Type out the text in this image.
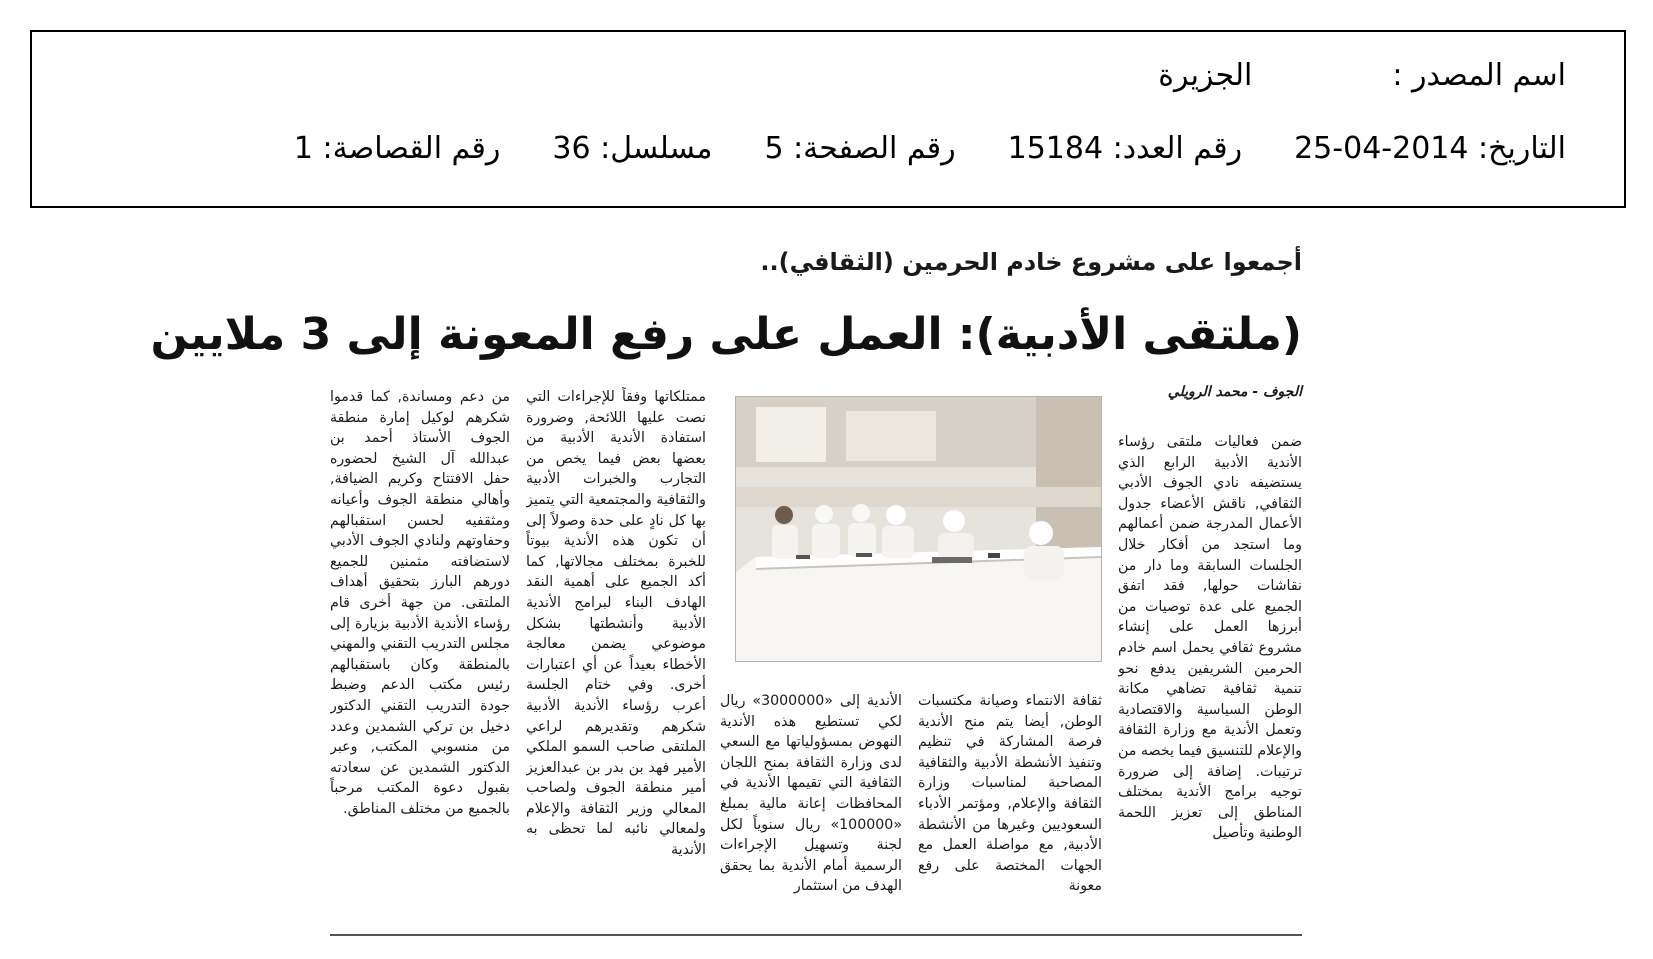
اسم المصدر :الجزيرة
التاريخ: 2014-04-25رقم العدد: 15184رقم الصفحة: 5مسلسل: 36رقم القصاصة: 1
أجمعوا على مشروع خادم الحرمين (الثقافي)..
(ملتقى الأدبية): العمل على رفع المعونة إلى 3 ملايين
الجوف - محمد الرويلي
ضمن فعاليات ملتقى رؤساء الأندية الأدبية الرابع الذي يستضيفه نادي الجوف الأدبي الثقافي, ناقش الأعضاء جدول الأعمال المدرجة ضمن أعمالهم وما استجد من أفكار خلال الجلسات السابقة وما دار من نقاشات حولها, فقد اتفق الجميع على عدة توصيات من أبرزها العمل على إنشاء مشروع ثقافي يحمل اسم خادم الحرمين الشريفين يدفع نحو تنمية ثقافية تضاهي مكانة الوطن السياسية والاقتصادية وتعمل الأندية مع وزارة الثقافة والإعلام للتنسيق فيما يخصه من ترتيبات. إضافة إلى ضرورة توجيه برامج الأندية بمختلف المناطق إلى تعزيز اللحمة الوطنية وتأصيل
ثقافة الانتماء وصيانة مكتسبات الوطن, أيضا يتم منح الأندية فرصة المشاركة في تنظيم وتنفيذ الأنشطة الأدبية والثقافية المصاحبة لمناسبات وزارة الثقافة والإعلام, ومؤتمر الأدباء السعوديين وغيرها من الأنشطة الأدبية, مع مواصلة العمل مع الجهات المختصة على رفع معونة
الأندية إلى «3000000» ريال لكي تستطيع هذه الأندية النهوض بمسؤولياتها مع السعي لدى وزارة الثقافة بمنح اللجان الثقافية التي تقيمها الأندية في المحافظات إعانة مالية بمبلغ «100000» ريال سنوياً لكل لجنة وتسهيل الإجراءات الرسمية أمام الأندية بما يحقق الهدف من استثمار
ممتلكاتها وفقاً للإجراءات التي نصت عليها اللائحة, وضرورة استفادة الأندية الأدبية من بعضها بعض فيما يخص من التجارب والخبرات الأدبية والثقافية والمجتمعية التي يتميز بها كل نادٍ على حدة وصولاً إلى أن تكون هذه الأندية بيوتاً للخبرة بمختلف مجالاتها, كما أكد الجميع على أهمية النقد الهادف البناء لبرامج الأندية الأدبية وأنشطتها بشكل موضوعي يضمن معالجة الأخطاء بعيداً عن أي اعتبارات أخرى. وفي ختام الجلسة أعرب رؤساء الأندية الأدبية شكرهم وتقديرهم لراعي الملتقى صاحب السمو الملكي الأمير فهد بن بدر بن عبدالعزيز أمير منطقة الجوف ولصاحب المعالي وزير الثقافة والإعلام ولمعالي نائبه لما تحظى به الأندية
من دعم ومساندة, كما قدموا شكرهم لوكيل إمارة منطقة الجوف الأستاذ أحمد بن عبدالله آل الشيخ لحضوره حفل الافتتاح وكريم الضيافة, وأهالي منطقة الجوف وأعيانه ومثقفيه لحسن استقبالهم وحفاوتهم ولنادي الجوف الأدبي لاستضافته مثمنين للجميع دورهم البارز بتحقيق أهداف الملتقى. من جهة أخرى قام رؤساء الأندية الأدبية بزيارة إلى مجلس التدريب التقني والمهني بالمنطقة وكان باستقبالهم رئيس مكتب الدعم وضبط جودة التدريب التقني الدكتور دخيل بن تركي الشمدين وعدد من منسوبي المكتب, وعبر الدكتور الشمدين عن سعادته بقبول دعوة المكتب مرحباً بالجميع من مختلف المناطق.
